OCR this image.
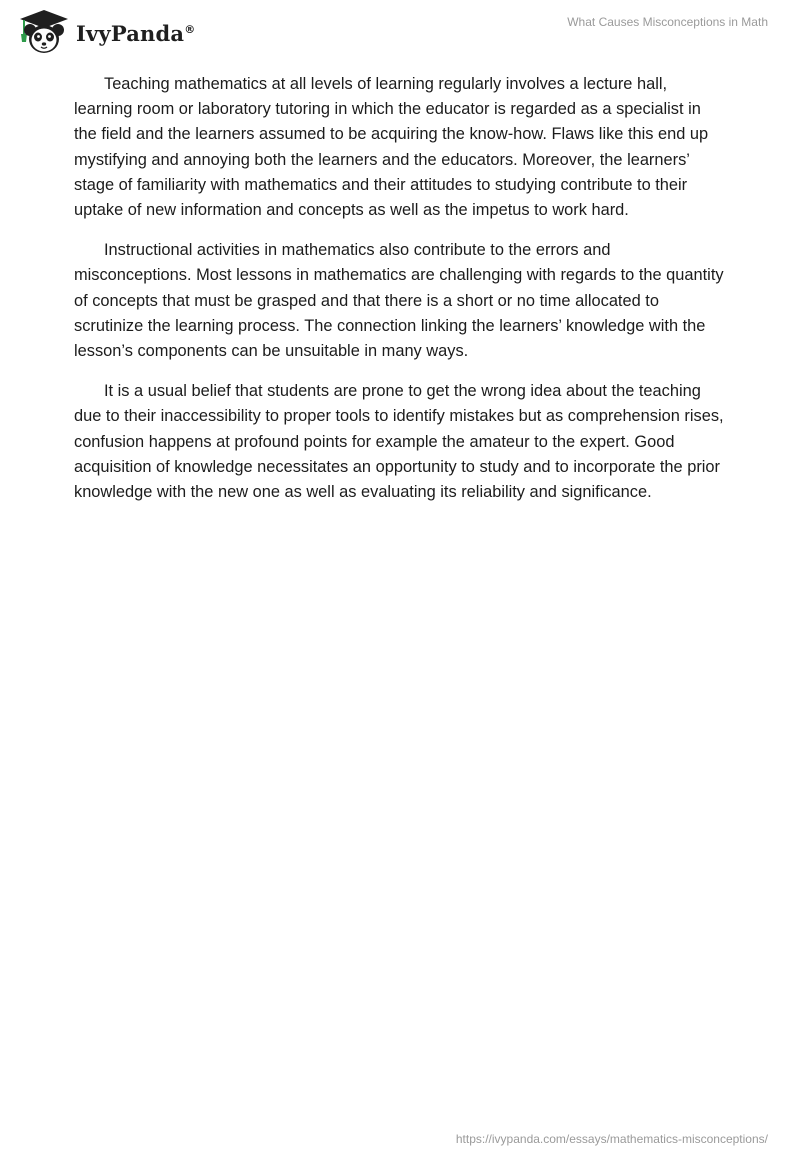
IvyPanda®	What Causes Misconceptions in Math

Teaching mathematics at all levels of learning regularly involves a lecture hall, learning room or laboratory tutoring in which the educator is regarded as a specialist in the field and the learners assumed to be acquiring the know-how. Flaws like this end up mystifying and annoying both the learners and the educators. Moreover, the learners’ stage of familiarity with mathematics and their attitudes to studying contribute to their uptake of new information and concepts as well as the impetus to work hard.

Instructional activities in mathematics also contribute to the errors and misconceptions. Most lessons in mathematics are challenging with regards to the quantity of concepts that must be grasped and that there is a short or no time allocated to scrutinize the learning process. The connection linking the learners’ knowledge with the lesson’s components can be unsuitable in many ways.

It is a usual belief that students are prone to get the wrong idea about the teaching due to their inaccessibility to proper tools to identify mistakes but as comprehension rises, confusion happens at profound points for example the amateur to the expert. Good acquisition of knowledge necessitates an opportunity to study and to incorporate the prior knowledge with the new one as well as evaluating its reliability and significance.

https://ivypanda.com/essays/mathematics-misconceptions/
